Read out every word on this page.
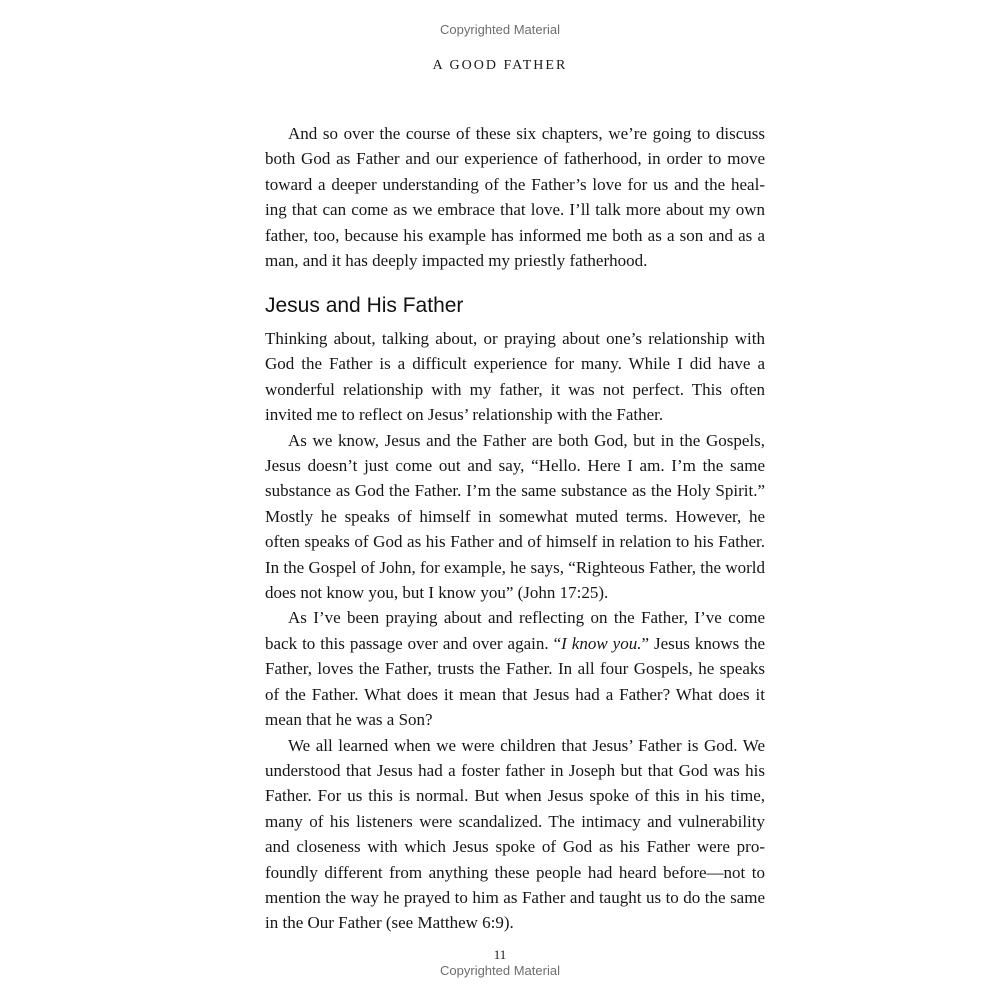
Copyrighted Material
A GOOD FATHER

And so over the course of these six chapters, we’re going to discuss both God as Father and our experience of fatherhood, in order to move toward a deeper understanding of the Father’s love for us and the heal-ing that can come as we embrace that love. I’ll talk more about my own father, too, because his example has informed me both as a son and as a man, and it has deeply impacted my priestly fatherhood.

Jesus and His Father

Thinking about, talking about, or praying about one’s relationship with God the Father is a difficult experience for many. While I did have a wonderful relationship with my father, it was not perfect. This often invited me to reflect on Jesus’ relationship with the Father.

As we know, Jesus and the Father are both God, but in the Gospels, Jesus doesn’t just come out and say, “Hello. Here I am. I’m the same substance as God the Father. I’m the same substance as the Holy Spirit.” Mostly he speaks of himself in somewhat muted terms. However, he often speaks of God as his Father and of himself in relation to his Father. In the Gospel of John, for example, he says, “Righteous Father, the world does not know you, but I know you” (John 17:25).

As I’ve been praying about and reflecting on the Father, I’ve come back to this passage over and over again. “I know you.” Jesus knows the Father, loves the Father, trusts the Father. In all four Gospels, he speaks of the Father. What does it mean that Jesus had a Father? What does it mean that he was a Son?

We all learned when we were children that Jesus’ Father is God. We understood that Jesus had a foster father in Joseph but that God was his Father. For us this is normal. But when Jesus spoke of this in his time, many of his listeners were scandalized. The intimacy and vulnerability and closeness with which Jesus spoke of God as his Father were pro-foundly different from anything these people had heard before—not to mention the way he prayed to him as Father and taught us to do the same in the Our Father (see Matthew 6:9).

11
Copyrighted Material
